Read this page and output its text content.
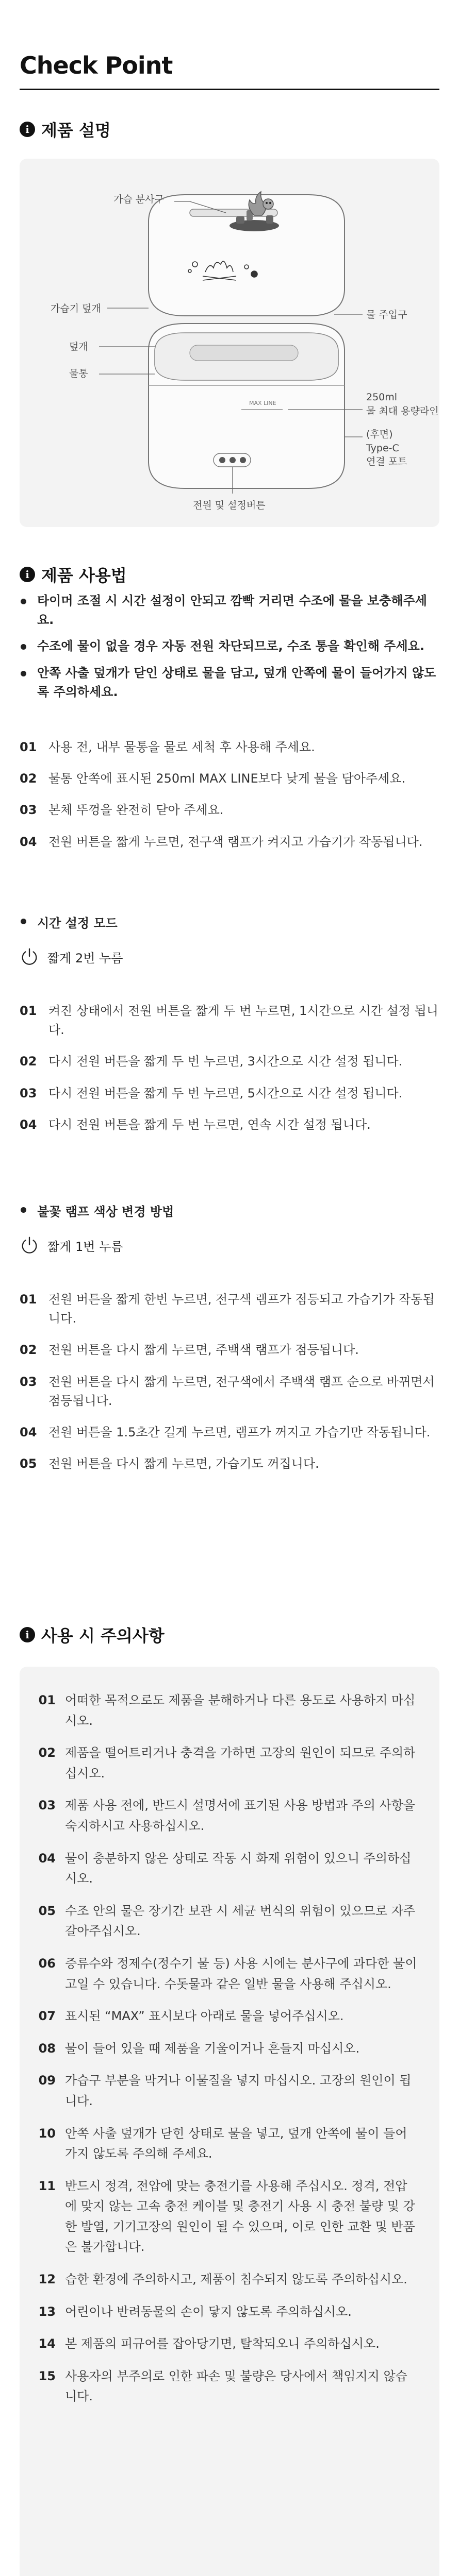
Check Point
i 제품 설명
MAX LINE
가습 분사구
가습기 덮개
덮개
물통
물 주입구
250ml
물 최대 용량라인
(후면)
Type-C
연결 포트
전원 및 설정버튼
i 제품 사용법
타이머 조절 시 시간 설정이 안되고 깜빡 거리면 수조에 물을 보충해주세요.
수조에 물이 없을 경우 자동 전원 차단되므로, 수조 통을 확인해 주세요.
안쪽 사출 덮개가 닫인 상태로 물을 담고, 덮개 안쪽에 물이 들어가지 않도록 주의하세요.
01 사용 전, 내부 물통을 물로 세척 후 사용해 주세요.
02 물통 안쪽에 표시된 250ml MAX LINE보다 낮게 물을 담아주세요.
03 본체 뚜껑을 완전히 닫아 주세요.
04 전원 버튼을 짧게 누르면, 전구색 램프가 켜지고 가습기가 작동됩니다.
시간 설정 모드
짧게 2번 누름
01 켜진 상태에서 전원 버튼을 짧게 두 번 누르면, 1시간으로 시간 설정 됩니다.
02 다시 전원 버튼을 짧게 두 번 누르면, 3시간으로 시간 설정 됩니다.
03 다시 전원 버튼을 짧게 두 번 누르면, 5시간으로 시간 설정 됩니다.
04 다시 전원 버튼을 짧게 두 번 누르면, 연속 시간 설정 됩니다.
불꽃 램프 색상 변경 방법
짧게 1번 누름
01 전원 버튼을 짧게 한번 누르면, 전구색 램프가 점등되고 가습기가 작동됩니다.
02 전원 버튼을 다시 짧게 누르면, 주백색 램프가 점등됩니다.
03 전원 버튼을 다시 짧게 누르면, 전구색에서 주백색 램프 순으로 바뀌면서 점등됩니다.
04 전원 버튼을 1.5초간 길게 누르면, 램프가 꺼지고 가습기만 작동됩니다.
05 전원 버튼을 다시 짧게 누르면, 가습기도 꺼집니다.
i 사용 시 주의사항
01 어떠한 목적으로도 제품을 분해하거나 다른 용도로 사용하지 마십시오.
02 제품을 떨어트리거나 충격을 가하면 고장의 원인이 되므로 주의하십시오.
03 제품 사용 전에, 반드시 설명서에 표기된 사용 방법과 주의 사항을 숙지하시고 사용하십시오.
04 물이 충분하지 않은 상태로 작동 시 화재 위험이 있으니 주의하십시오.
05 수조 안의 물은 장기간 보관 시 세균 번식의 위험이 있으므로 자주 갈아주십시오.
06 증류수와 정제수(정수기 물 등) 사용 시에는 분사구에 과다한 물이 고일 수 있습니다. 수돗물과 같은 일반 물을 사용해 주십시오.
07 표시된 “MAX” 표시보다 아래로 물을 넣어주십시오.
08 물이 들어 있을 때 제품을 기울이거나 흔들지 마십시오.
09 가습구 부분을 막거나 이물질을 넣지 마십시오. 고장의 원인이 됩니다.
10 안쪽 사출 덮개가 닫힌 상태로 물을 넣고, 덮개 안쪽에 물이 들어가지 않도록 주의해 주세요.
11 반드시 정격, 전압에 맞는 충전기를 사용해 주십시오. 정격, 전압에 맞지 않는 고속 충전 케이블 및 충전기 사용 시 충전 불량 및 강한 발열, 기기고장의 원인이 될 수 있으며, 이로 인한 교환 및 반품은 불가합니다.
12 습한 환경에 주의하시고, 제품이 침수되지 않도록 주의하십시오.
13 어린이나 반려동물의 손이 닿지 않도록 주의하십시오.
14 본 제품의 피규어를 잡아당기면, 탈착되오니 주의하십시오.
15 사용자의 부주의로 인한 파손 및 불량은 당사에서 책임지지 않습니다.
